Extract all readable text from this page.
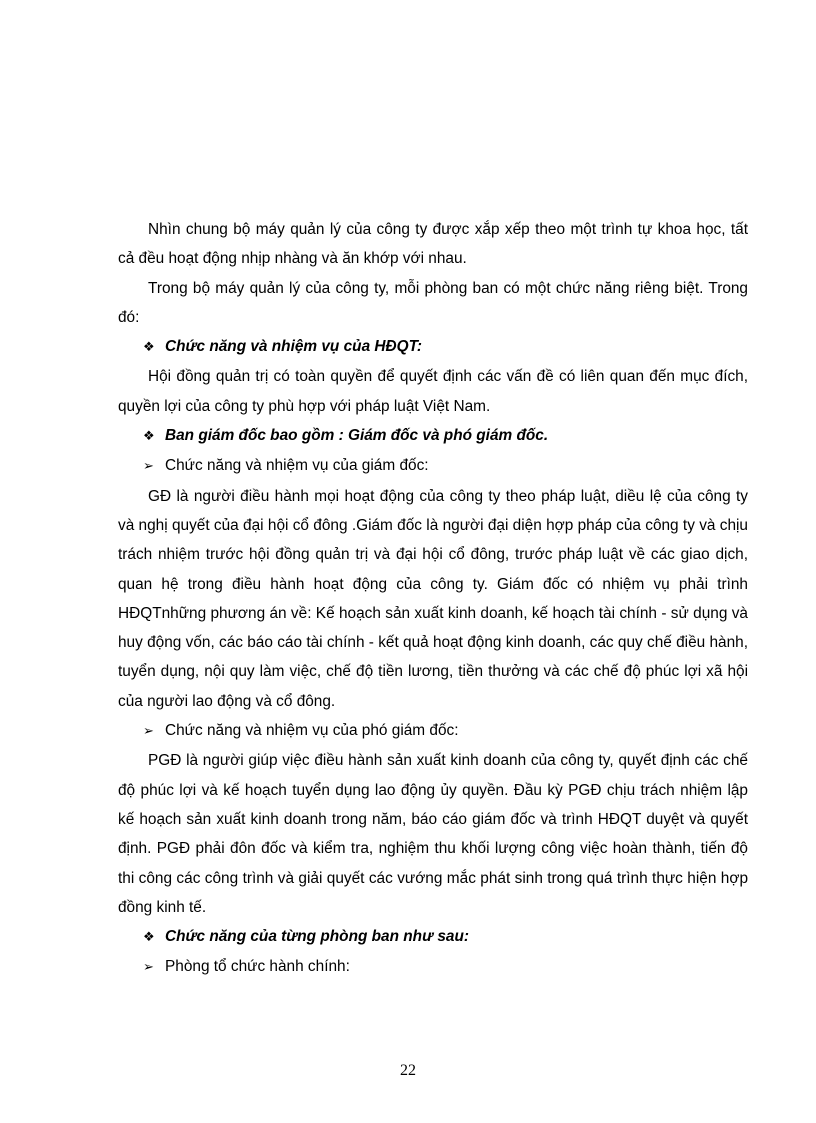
Nhìn chung bộ máy quản lý của công ty được xắp xếp theo một trình tự khoa học, tất cả đều hoạt động nhịp nhàng và ăn khớp với nhau.

Trong bộ máy quản lý của công ty, mỗi phòng ban có một chức năng riêng biệt. Trong đó:

❖ Chức năng và nhiệm vụ của HĐQT:

Hội đồng quản trị có toàn quyền để quyết định các vấn đề có liên quan đến mục đích, quyền lợi của công ty phù hợp với pháp luật Việt Nam.

❖ Ban giám đốc bao gồm : Giám đốc và phó giám đốc.
➢ Chức năng và nhiệm vụ của giám đốc:

GĐ là người điều hành mọi hoạt động của công ty theo pháp luật, diều lệ của công ty và nghị quyết của đại hội cổ đông .Giám đốc là người đại diện hợp pháp của công ty và chịu trách nhiệm trước hội đồng quản trị và đại hội cổ đông, trước pháp luật về các giao dịch, quan hệ trong điều hành hoạt động của công ty. Giám đốc có nhiệm vụ phải trình HĐQTnhững phương án về: Kế hoạch sản xuất kinh doanh, kế hoạch tài chính - sử dụng và huy động vốn, các báo cáo tài chính - kết quả hoạt động kinh doanh, các quy chế điều hành, tuyển dụng, nội quy làm việc, chế độ tiền lương, tiền thưởng và các chế độ phúc lợi xã hội của người lao động và cổ đông.

➢ Chức năng và nhiệm vụ của phó giám đốc:

PGĐ là người giúp việc điều hành sản xuất kinh doanh của công ty, quyết định các chế độ phúc lợi và kế hoạch tuyển dụng lao động ủy quyền. Đầu kỳ PGĐ chịu trách nhiệm lập kế hoạch sản xuất kinh doanh trong năm, báo cáo giám đốc và trình HĐQT duyệt và quyết định. PGĐ phải đôn đốc và kiểm tra, nghiệm thu khối lượng công việc hoàn thành, tiến độ thi công các công trình và giải quyết các vướng mắc phát sinh trong quá trình thực hiện hợp đồng kinh tế.

❖ Chức năng của từng phòng ban như sau:
➢ Phòng tổ chức hành chính:
22
